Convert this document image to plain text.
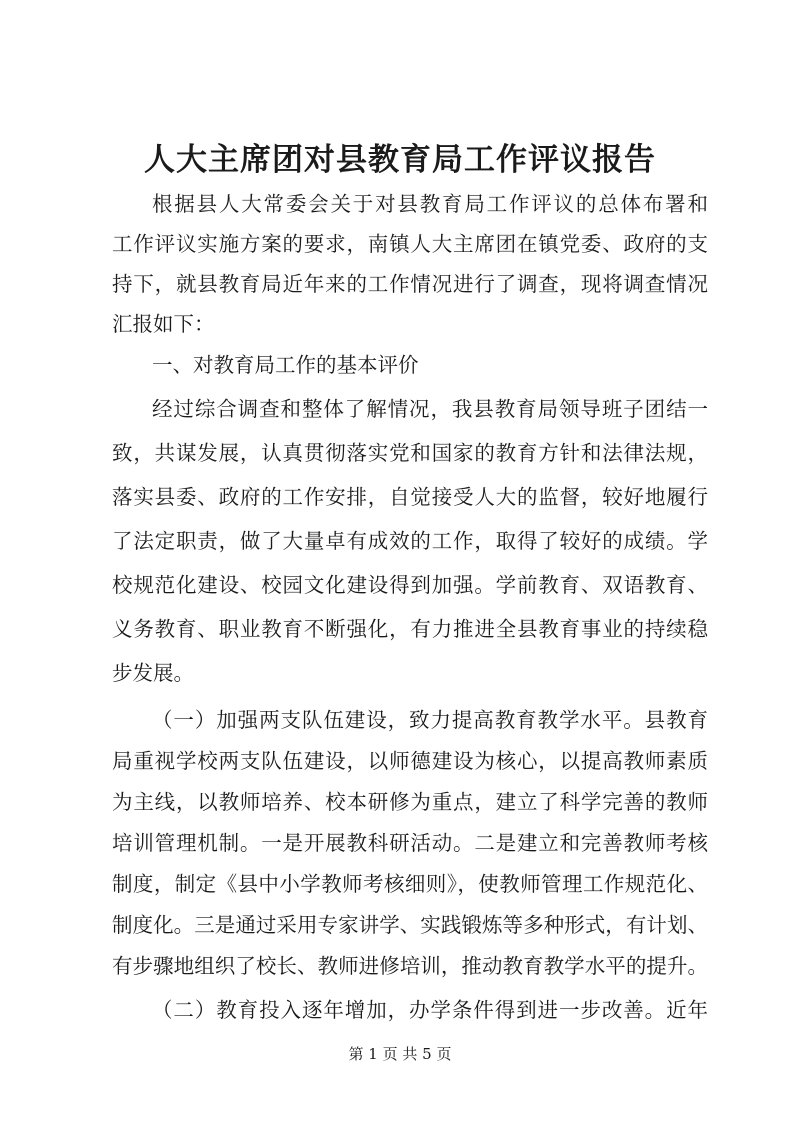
人大主席团对县教育局工作评议报告
根据县人大常委会关于对县教育局工作评议的总体布署和
工作评议实施方案的要求，南镇人大主席团在镇党委、政府的支
持下，就县教育局近年来的工作情况进行了调查，现将调查情况
汇报如下：
一、对教育局工作的基本评价
经过综合调查和整体了解情况，我县教育局领导班子团结一
致，共谋发展，认真贯彻落实党和国家的教育方针和法律法规，
落实县委、政府的工作安排，自觉接受人大的监督，较好地履行
了法定职责，做了大量卓有成效的工作，取得了较好的成绩。学
校规范化建设、校园文化建设得到加强。学前教育、双语教育、
义务教育、职业教育不断强化，有力推进全县教育事业的持续稳
步发展。
（一）加强两支队伍建设，致力提高教育教学水平。县教育
局重视学校两支队伍建设，以师德建设为核心，以提高教师素质
为主线，以教师培养、校本研修为重点，建立了科学完善的教师
培训管理机制。一是开展教科研活动。二是建立和完善教师考核
制度，制定《县中小学教师考核细则》，使教师管理工作规范化、
制度化。三是通过采用专家讲学、实践锻炼等多种形式，有计划、
有步骤地组织了校长、教师进修培训，推动教育教学水平的提升。
（二）教育投入逐年增加，办学条件得到进一步改善。近年
第 1 页 共 5 页
